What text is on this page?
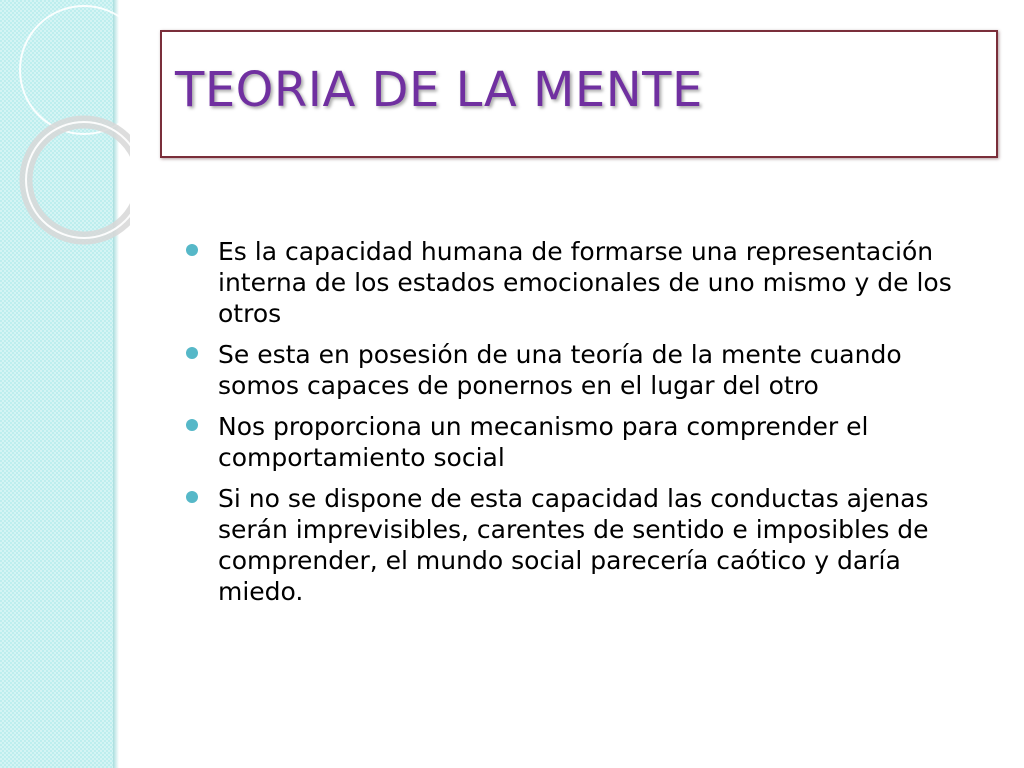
TEORIA DE LA MENTE
Es la capacidad humana de formarse una representación interna de los estados emocionales de uno mismo y de los otros
Se esta en posesión de una teoría de la mente cuando somos capaces de ponernos en el lugar del otro
Nos proporciona un mecanismo para comprender el comportamiento social
Si no se dispone de esta capacidad las conductas ajenas serán imprevisibles, carentes de sentido e imposibles de comprender, el mundo social parecería caótico y daría miedo.
